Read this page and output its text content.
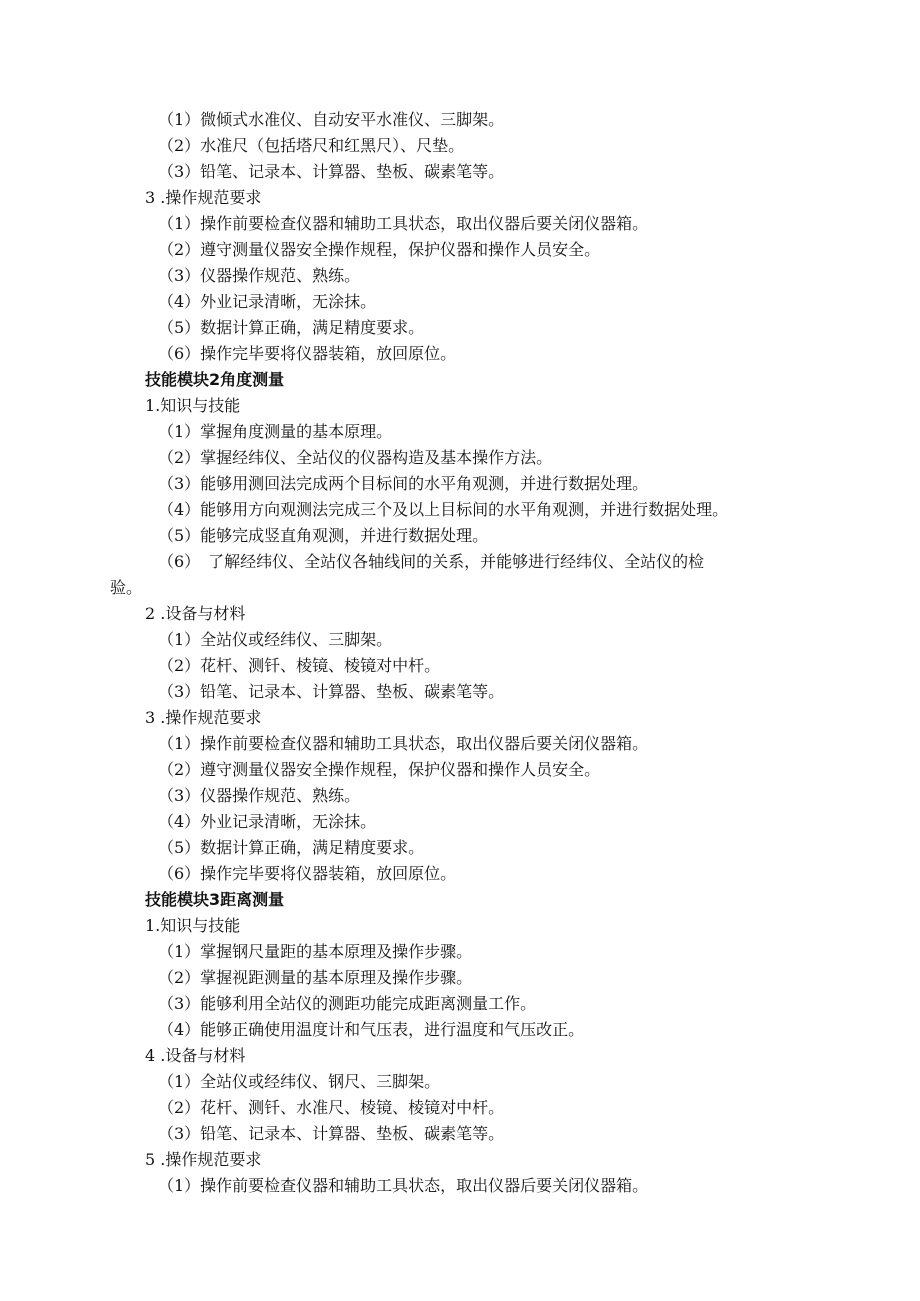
（1）微倾式水准仪、自动安平水准仪、三脚架。
（2）水准尺（包括塔尺和红黑尺）、尺垫。
（3）铅笔、记录本、计算器、垫板、碳素笔等。
3 .操作规范要求
（1）操作前要检查仪器和辅助工具状态，取出仪器后要关闭仪器箱。
（2）遵守测量仪器安全操作规程，保护仪器和操作人员安全。
（3）仪器操作规范、熟练。
（4）外业记录清晰，无涂抹。
（5）数据计算正确，满足精度要求。
（6）操作完毕要将仪器装箱，放回原位。
技能模块2角度测量
1.知识与技能
（1）掌握角度测量的基本原理。
（2）掌握经纬仪、全站仪的仪器构造及基本操作方法。
（3）能够用测回法完成两个目标间的水平角观测，并进行数据处理。
（4）能够用方向观测法完成三个及以上目标间的水平角观测，并进行数据处理。
（5）能够完成竖直角观测，并进行数据处理。
（6）　了解经纬仪、全站仪各轴线间的关系，并能够进行经纬仪、全站仪的检
验。
2 .设备与材料
（1）全站仪或经纬仪、三脚架。
（2）花杆、测钎、棱镜、棱镜对中杆。
（3）铅笔、记录本、计算器、垫板、碳素笔等。
3 .操作规范要求
（1）操作前要检查仪器和辅助工具状态，取出仪器后要关闭仪器箱。
（2）遵守测量仪器安全操作规程，保护仪器和操作人员安全。
（3）仪器操作规范、熟练。
（4）外业记录清晰，无涂抹。
（5）数据计算正确，满足精度要求。
（6）操作完毕要将仪器装箱，放回原位。
技能模块3距离测量
1.知识与技能
（1）掌握钢尺量距的基本原理及操作步骤。
（2）掌握视距测量的基本原理及操作步骤。
（3）能够利用全站仪的测距功能完成距离测量工作。
（4）能够正确使用温度计和气压表，进行温度和气压改正。
4 .设备与材料
（1）全站仪或经纬仪、钢尺、三脚架。
（2）花杆、测钎、水准尺、棱镜、棱镜对中杆。
（3）铅笔、记录本、计算器、垫板、碳素笔等。
5 .操作规范要求
（1）操作前要检查仪器和辅助工具状态，取出仪器后要关闭仪器箱。
